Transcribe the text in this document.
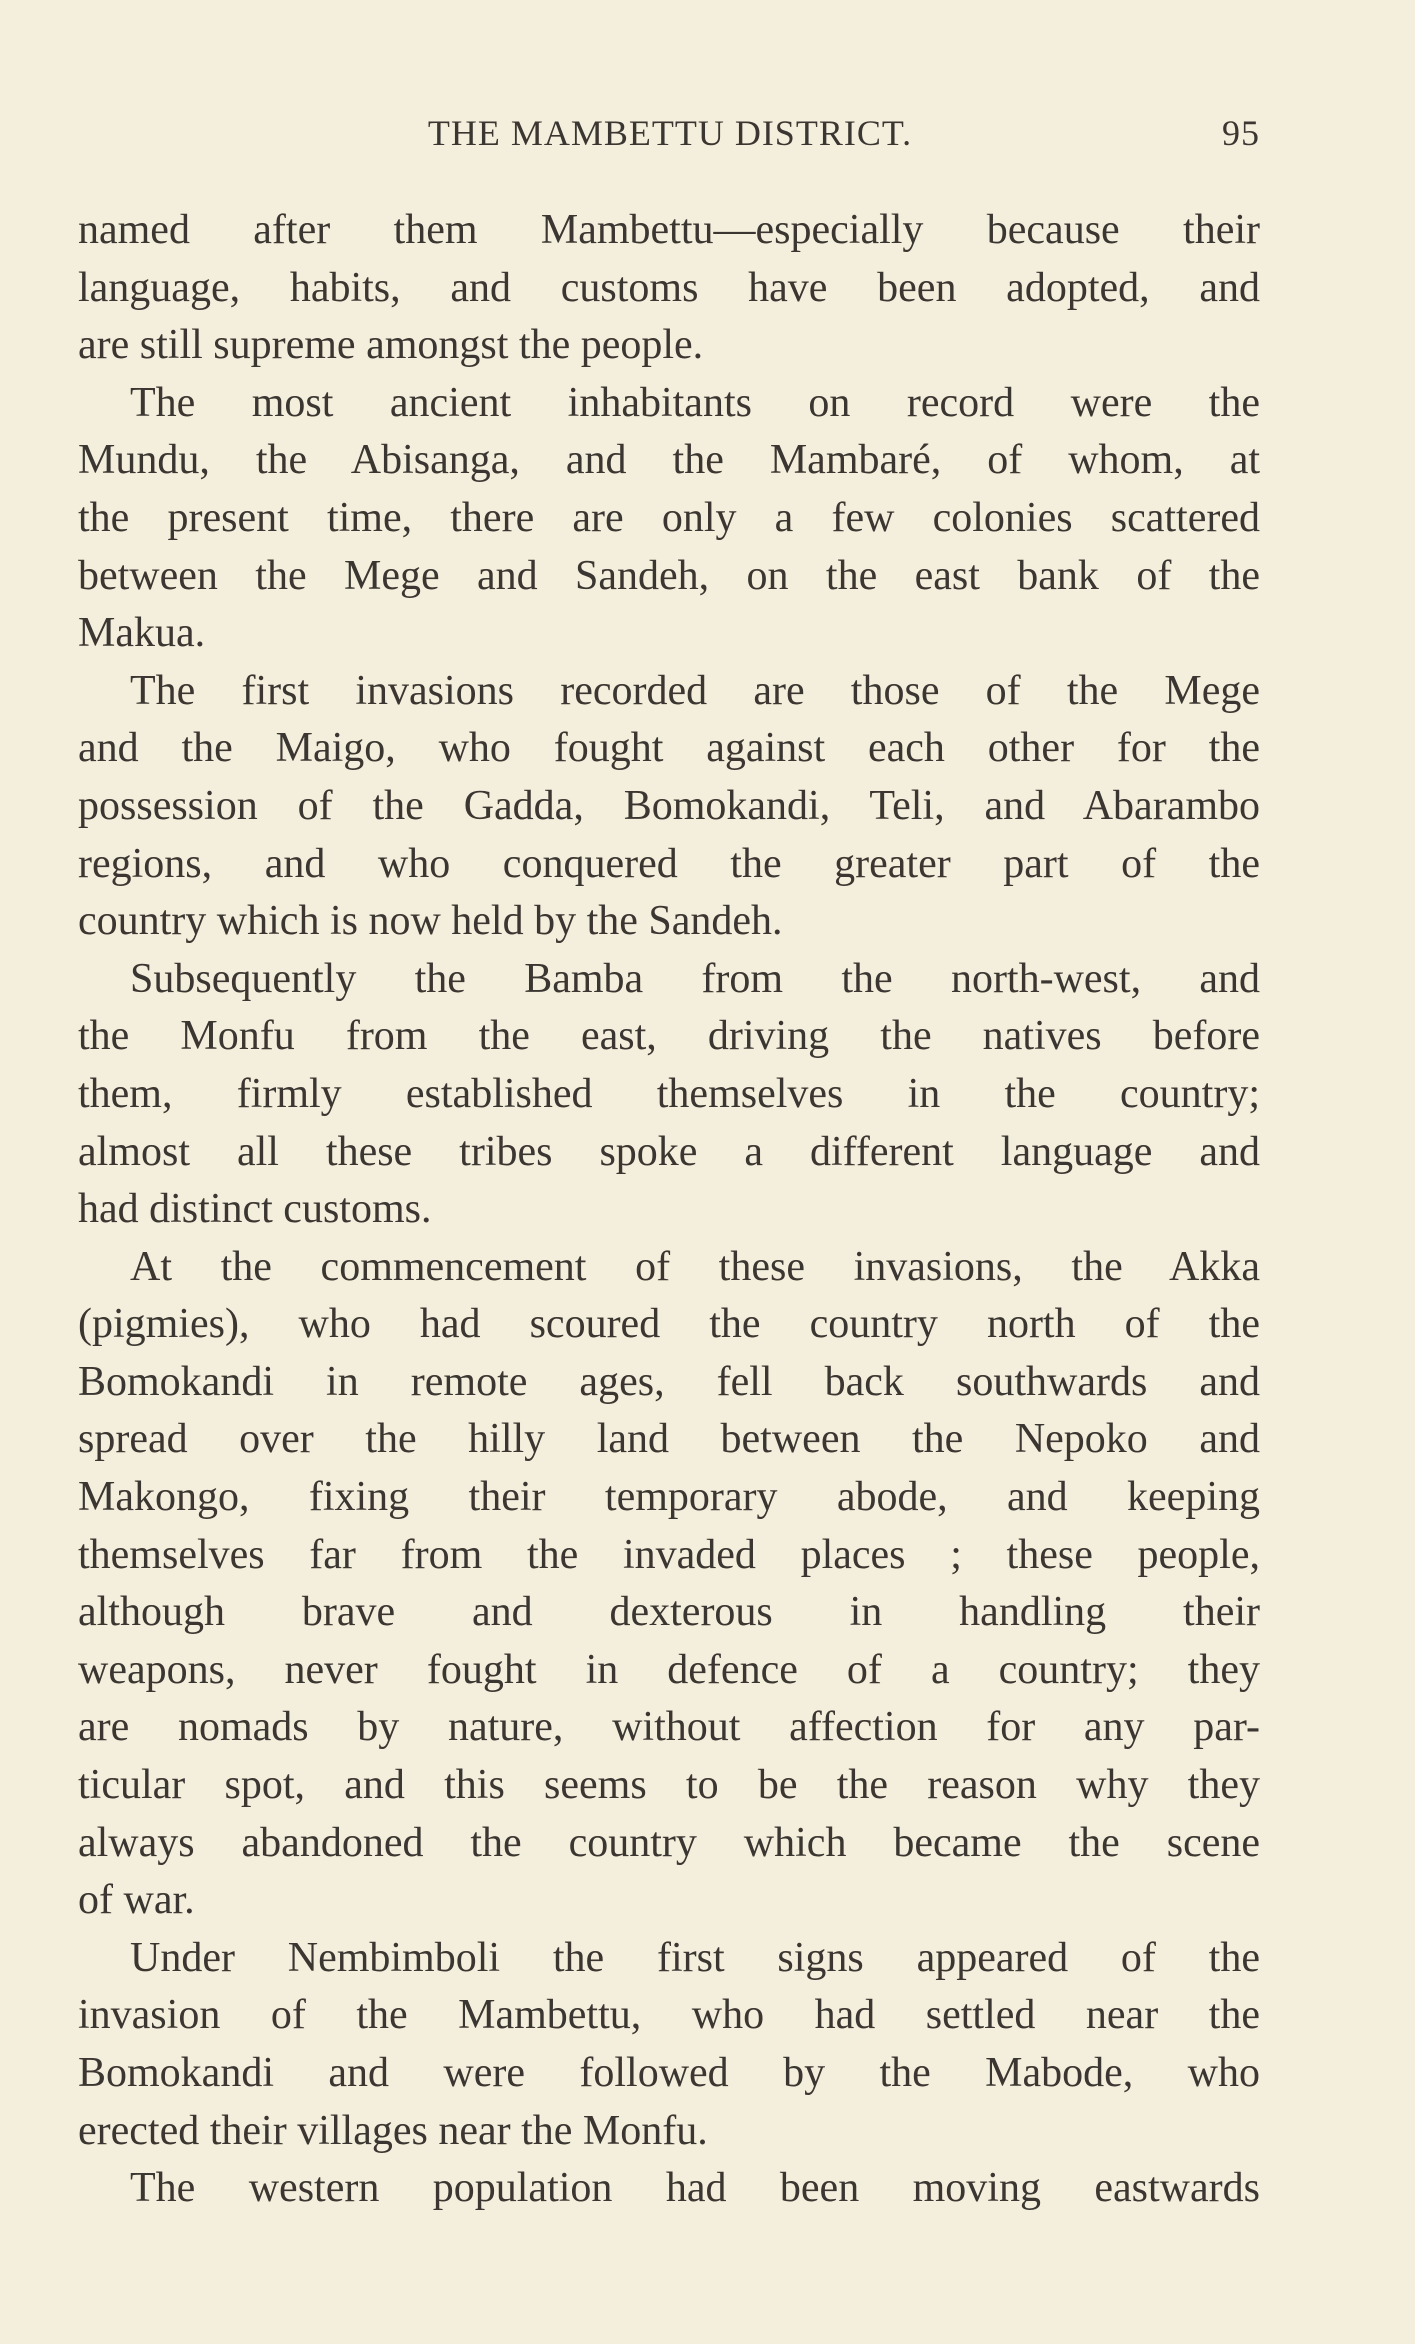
THE MAMBETTU DISTRICT.	95
named after them Mambettu—especially because their
language, habits, and customs have been adopted, and
are still supreme amongst the people.
The most ancient inhabitants on record were the
Mundu, the Abisanga, and the Mambaré, of whom, at
the present time, there are only a few colonies scattered
between the Mege and Sandeh, on the east bank of the
Makua.
The first invasions recorded are those of the Mege
and the Maigo, who fought against each other for the
possession of the Gadda, Bomokandi, Teli, and Abarambo
regions, and who conquered the greater part of the
country which is now held by the Sandeh.
Subsequently the Bamba from the north-west, and
the Monfu from the east, driving the natives before
them, firmly established themselves in the country;
almost all these tribes spoke a different language and
had distinct customs.
At the commencement of these invasions, the Akka
(pigmies), who had scoured the country north of the
Bomokandi in remote ages, fell back southwards and
spread over the hilly land between the Nepoko and
Makongo, fixing their temporary abode, and keeping
themselves far from the invaded places ; these people,
although brave and dexterous in handling their
weapons, never fought in defence of a country; they
are nomads by nature, without affection for any par-
ticular spot, and this seems to be the reason why they
always abandoned the country which became the scene
of war.
Under Nembimboli the first signs appeared of the
invasion of the Mambettu, who had settled near the
Bomokandi and were followed by the Mabode, who
erected their villages near the Monfu.
The western population had been moving eastwards
